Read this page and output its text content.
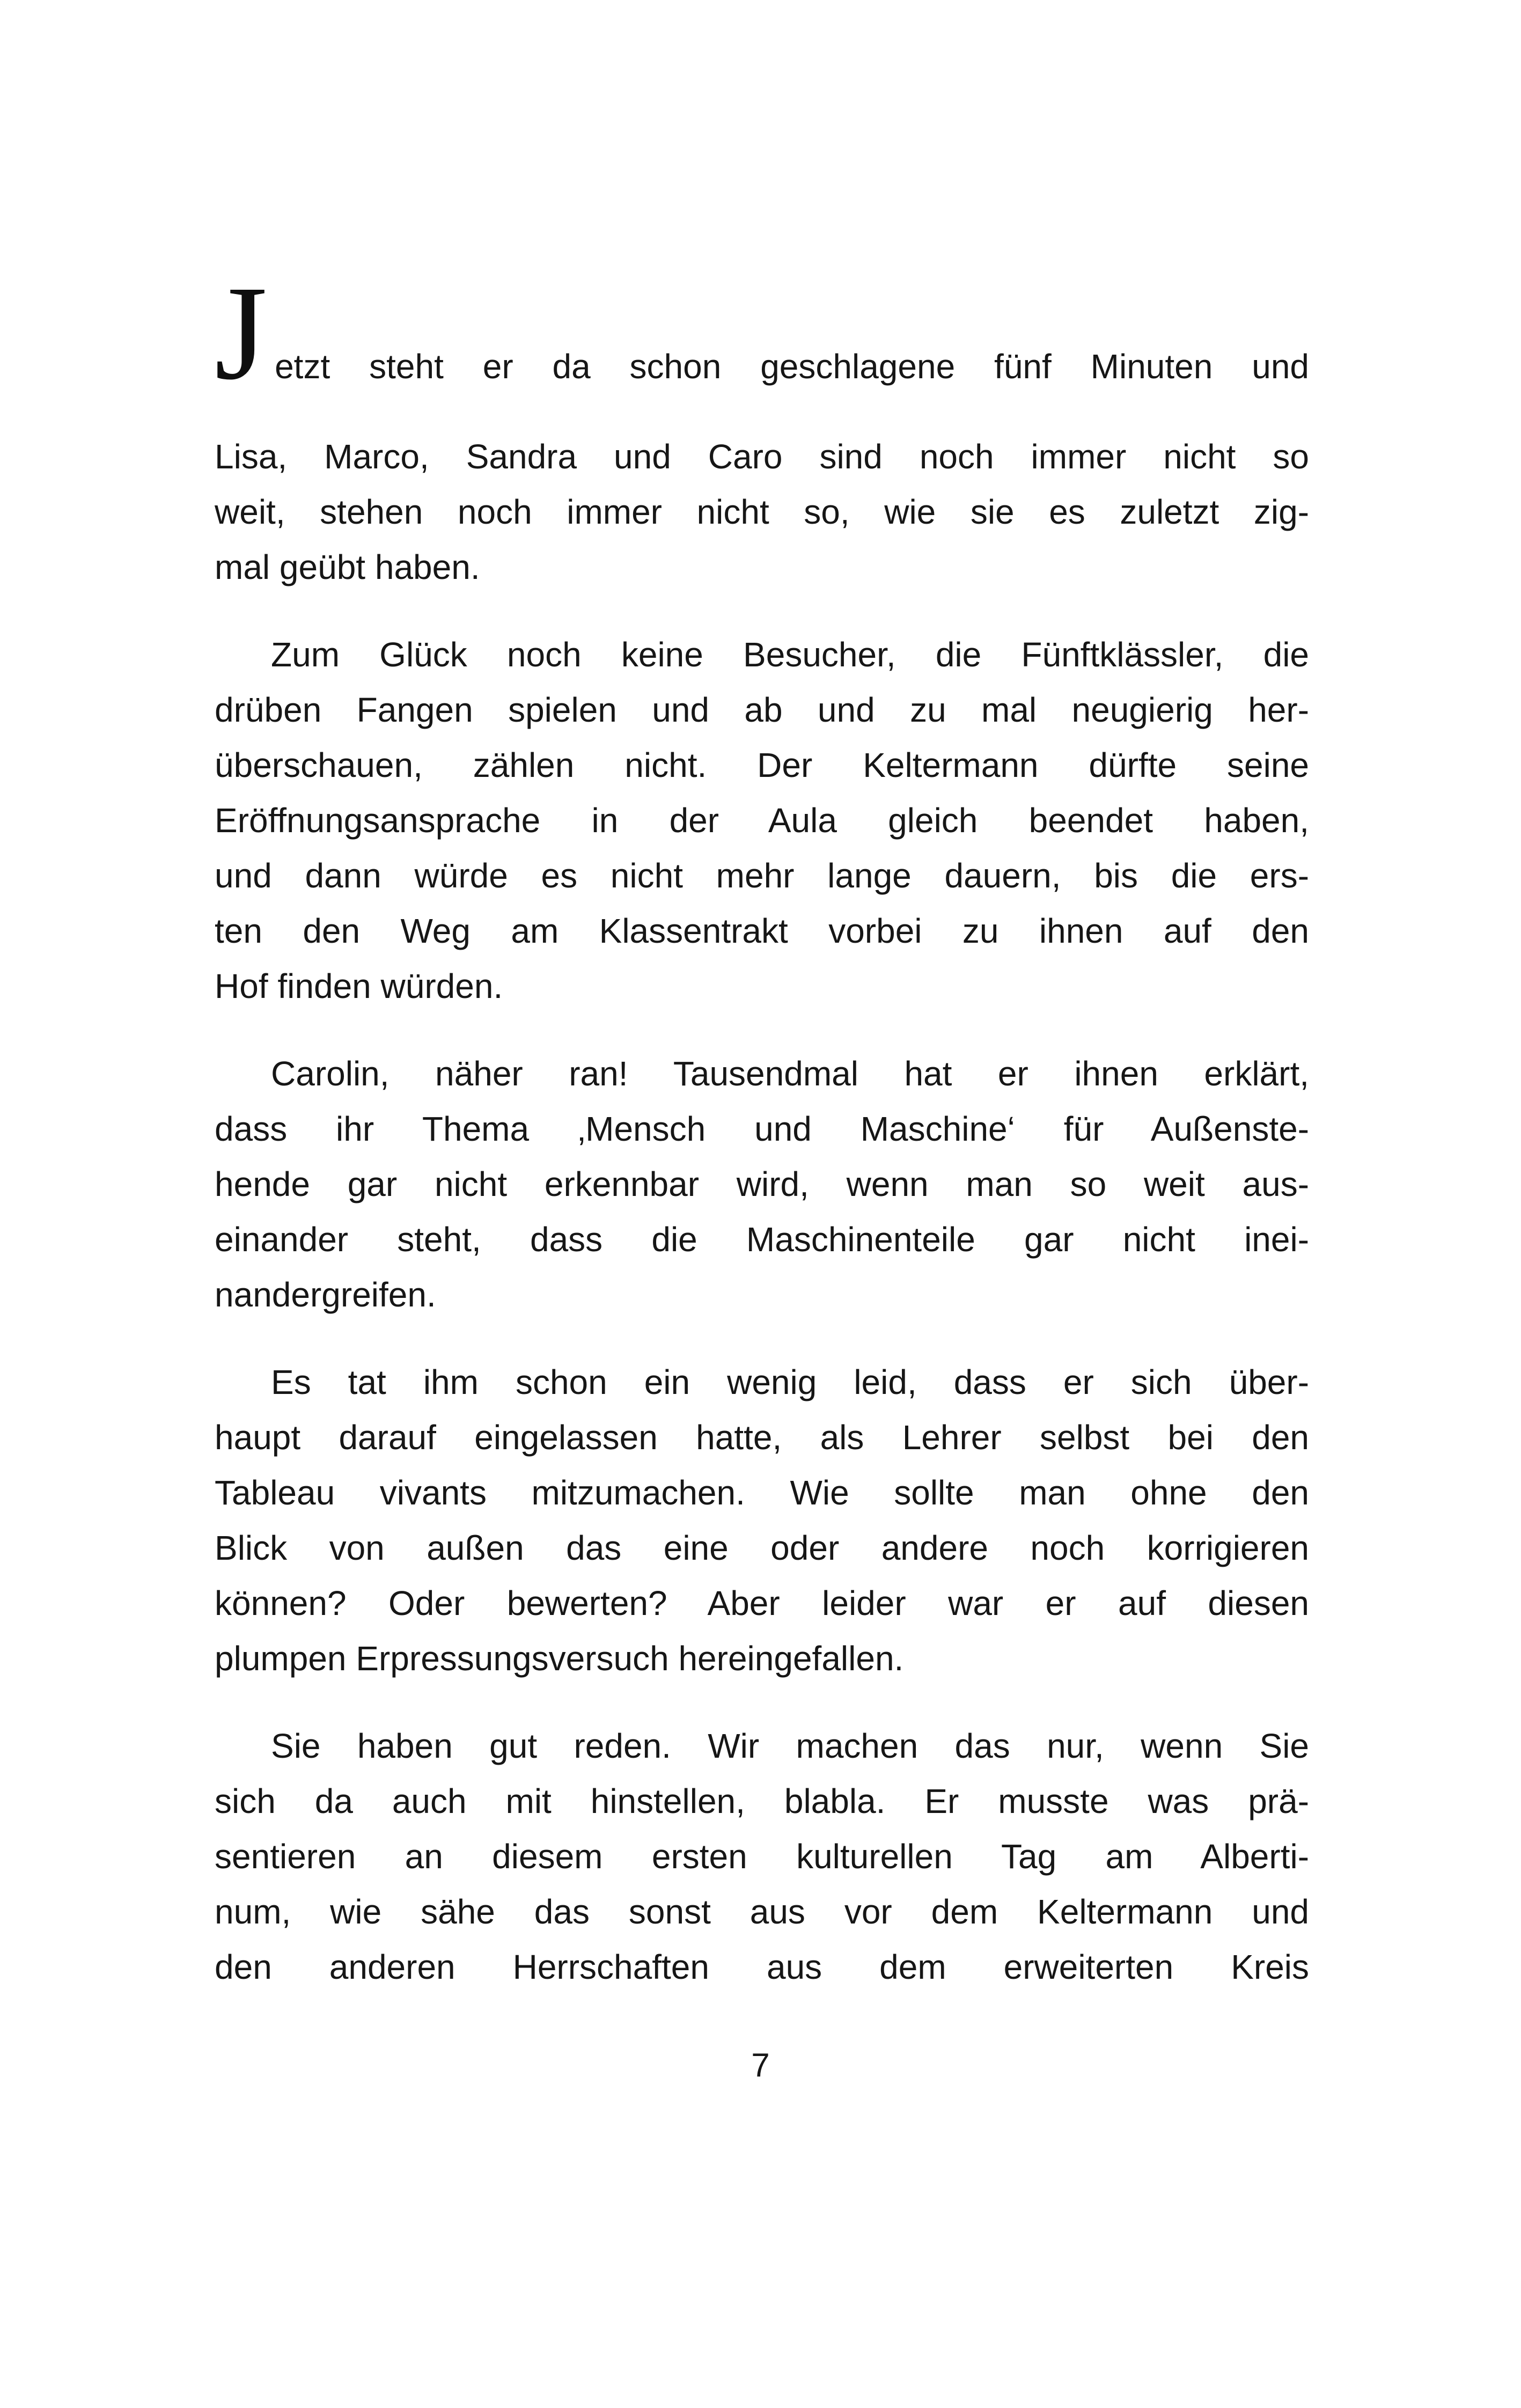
Jetzt steht er da schon geschlagene fünf Minuten und
Lisa, Marco, Sandra und Caro sind noch immer nicht so
weit, stehen noch immer nicht so, wie sie es zuletzt zig-
mal geübt haben.
Zum Glück noch keine Besucher, die Fünftklässler, die
drüben Fangen spielen und ab und zu mal neugierig her-
überschauen, zählen nicht. Der Keltermann dürfte seine
Eröffnungsansprache in der Aula gleich beendet haben,
und dann würde es nicht mehr lange dauern, bis die ers-
ten den Weg am Klassentrakt vorbei zu ihnen auf den
Hof finden würden.
Carolin, näher ran! Tausendmal hat er ihnen erklärt,
dass ihr Thema ‚Mensch und Maschine‘ für Außenste-
hende gar nicht erkennbar wird, wenn man so weit aus-
einander steht, dass die Maschinenteile gar nicht inei-
nandergreifen.
Es tat ihm schon ein wenig leid, dass er sich über-
haupt darauf eingelassen hatte, als Lehrer selbst bei den
Tableau vivants mitzumachen. Wie sollte man ohne den
Blick von außen das eine oder andere noch korrigieren
können? Oder bewerten? Aber leider war er auf diesen
plumpen Erpressungsversuch hereingefallen.
Sie haben gut reden. Wir machen das nur, wenn Sie
sich da auch mit hinstellen, blabla. Er musste was prä-
sentieren an diesem ersten kulturellen Tag am Alberti-
num, wie sähe das sonst aus vor dem Keltermann und
den anderen Herrschaften aus dem erweiterten Kreis
7
